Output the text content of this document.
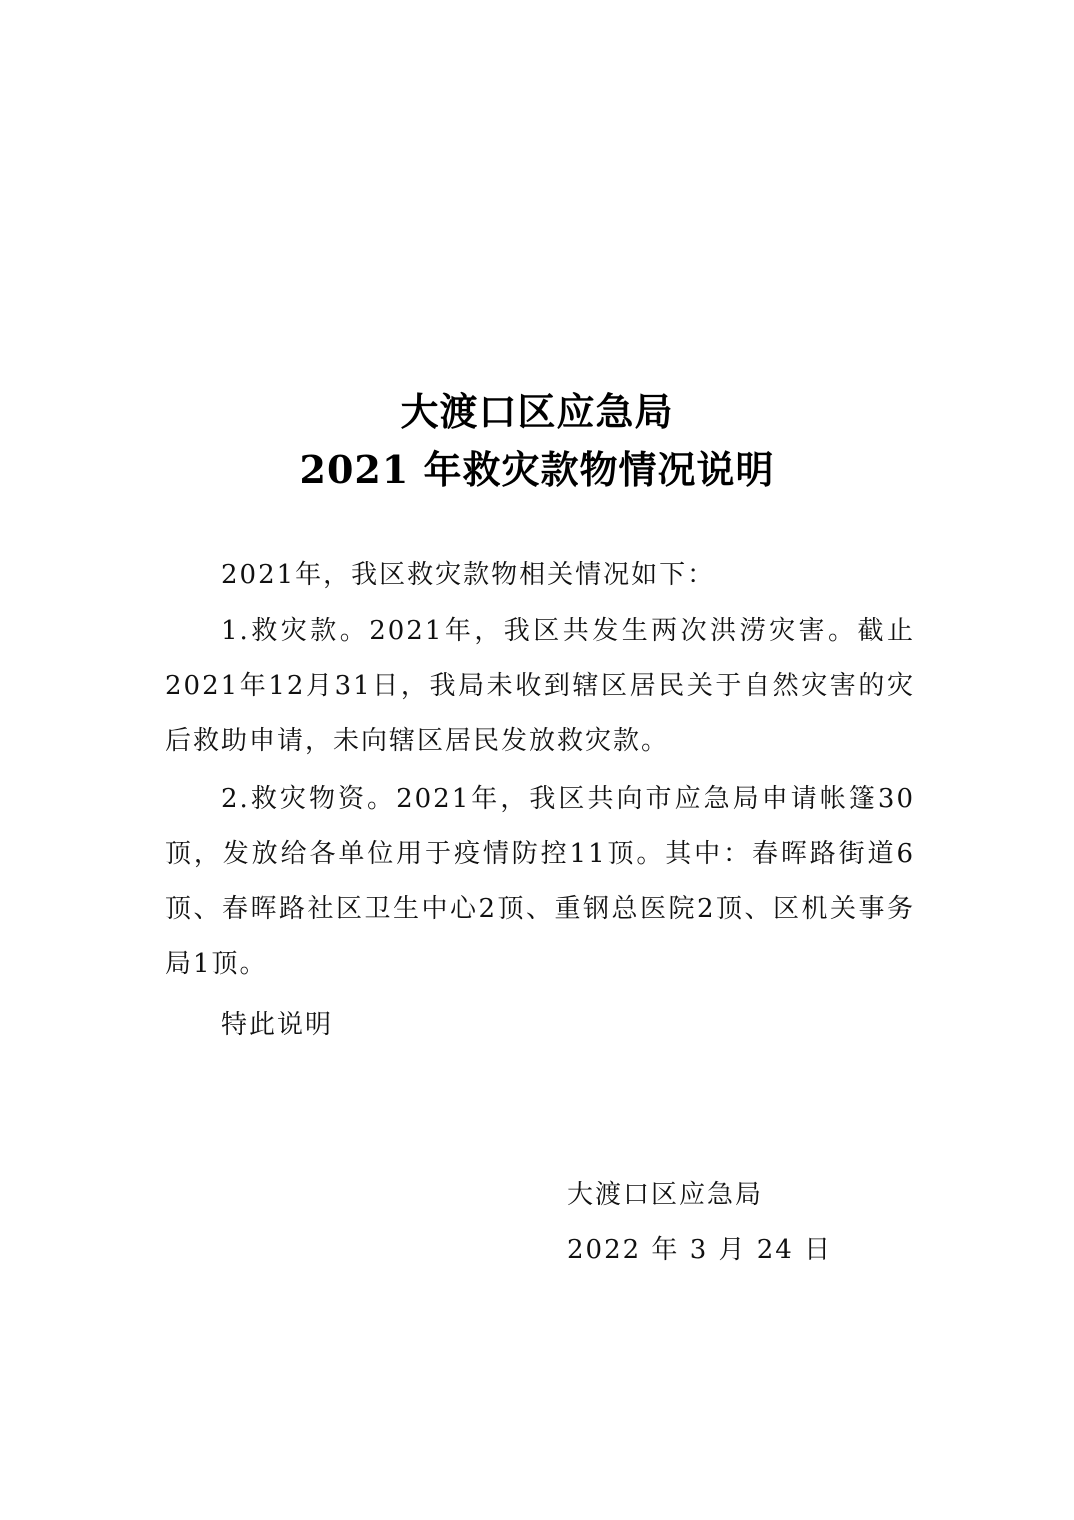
大渡口区应急局
2021 年救灾款物情况说明

2021年，我区救灾款物相关情况如下：

1.救灾款。2021年，我区共发生两次洪涝灾害。截止2021年12月31日，我局未收到辖区居民关于自然灾害的灾后救助申请，未向辖区居民发放救灾款。

2.救灾物资。2021年，我区共向市应急局申请帐篷30顶，发放给各单位用于疫情防控11顶。其中：春晖路街道6顶、春晖路社区卫生中心2顶、重钢总医院2顶、区机关事务局1顶。

特此说明

大渡口区应急局
2022 年 3 月 24 日
